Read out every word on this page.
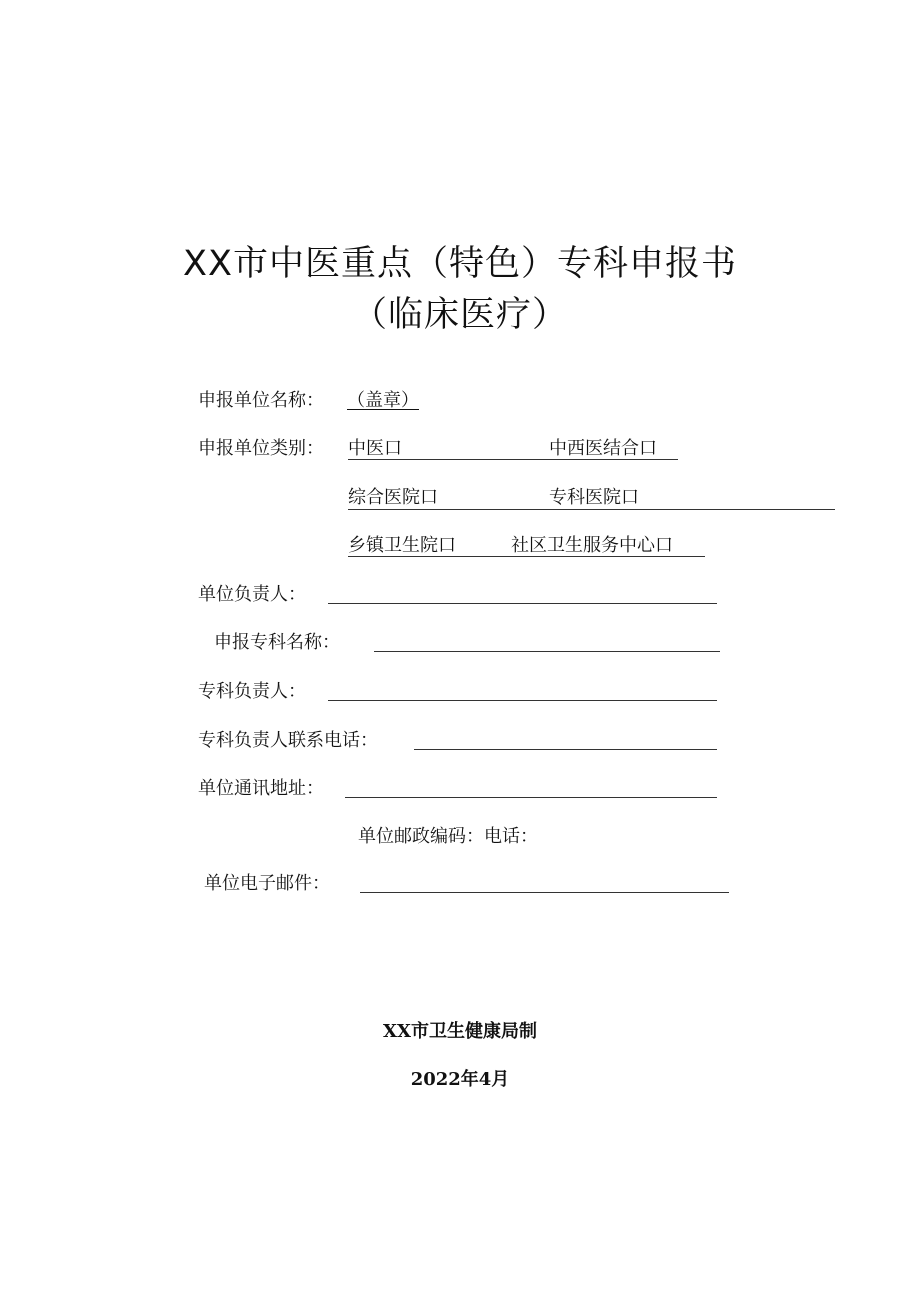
XX市中医重点（特色）专科申报书
（临床医疗）
申报单位名称： （盖章）
申报单位类别： 中医口	中西医结合口
综合医院口	专科医院口
乡镇卫生院口	社区卫生服务中心口
单位负责人：
申报专科名称：
专科负责人：
专科负责人联系电话：
单位通讯地址：
单位邮政编码：电话：
单位电子邮件：
XX市卫生健康局制
2022年4月
